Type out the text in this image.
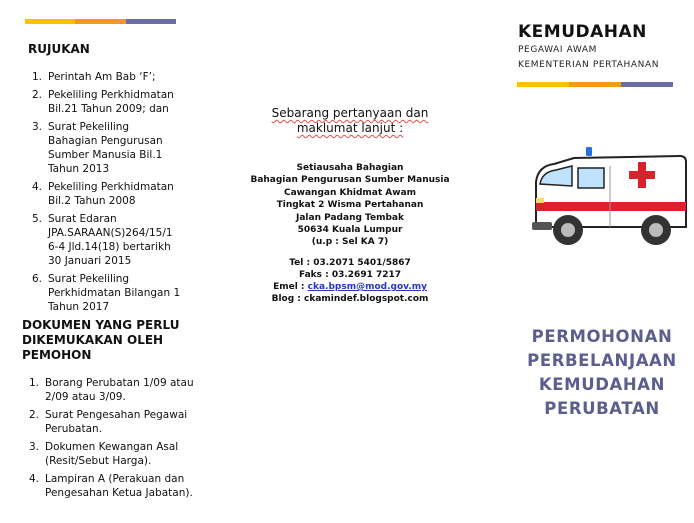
RUJUKAN
1. Perintah Am Bab ‘F’;
2. Pekeliling Perkhidmatan
Bil.21 Tahun 2009; dan
3. Surat Pekeliling
Bahagian Pengurusan
Sumber Manusia Bil.1
Tahun 2013
4. Pekeliling Perkhidmatan
Bil.2 Tahun 2008
5. Surat Edaran
JPA.SARAAN(S)264/15/1
6-4 Jld.14(18) bertarikh
30 Januari 2015
6. Surat Pekeliling
Perkhidmatan Bilangan 1
Tahun 2017
DOKUMEN YANG PERLU
DIKEMUKAKAN OLEH
PEMOHON
1. Borang Perubatan 1/09 atau
2/09 atau 3/09.
2. Surat Pengesahan Pegawai
Perubatan.
3. Dokumen Kewangan Asal
(Resit/Sebut Harga).
4. Lampiran A (Perakuan dan
Pengesahan Ketua Jabatan).
Sebarang pertanyaan dan
maklumat lanjut :
Setiausaha Bahagian
Bahagian Pengurusan Sumber Manusia
Cawangan Khidmat Awam
Tingkat 2 Wisma Pertahanan
Jalan Padang Tembak
50634 Kuala Lumpur
(u.p : Sel KA 7)
Tel : 03.2071 5401/5867
Faks : 03.2691 7217
Emel : cka.bpsm@mod.gov.my
Blog : ckamindef.blogspot.com
KEMUDAHAN
PEGAWAI AWAM
KEMENTERIAN PERTAHANAN
PERMOHONAN
PERBELANJAAN
KEMUDAHAN
PERUBATAN
